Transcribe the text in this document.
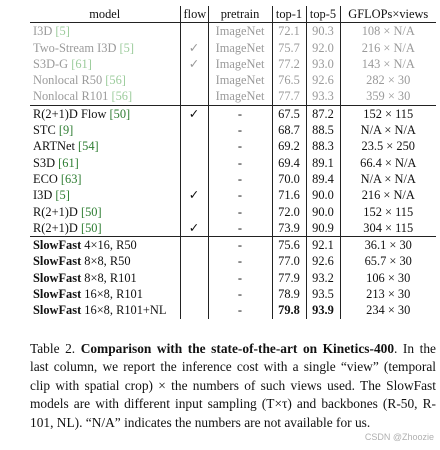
model	flow	pretrain	top-1	top-5	GFLOPs×views
I3D [5]		ImageNet	72.1	90.3	108 × N/A
Two-Stream I3D [5]	✓	ImageNet	75.7	92.0	216 × N/A
S3D-G [61]	✓	ImageNet	77.2	93.0	143 × N/A
Nonlocal R50 [56]		ImageNet	76.5	92.6	282 × 30
Nonlocal R101 [56]		ImageNet	77.7	93.3	359 × 30
R(2+1)D Flow [50]	✓	-	67.5	87.2	152 × 115
STC [9]		-	68.7	88.5	N/A × N/A
ARTNet [54]		-	69.2	88.3	23.5 × 250
S3D [61]		-	69.4	89.1	66.4 × N/A
ECO [63]		-	70.0	89.4	N/A × N/A
I3D [5]	✓	-	71.6	90.0	216 × N/A
R(2+1)D [50]		-	72.0	90.0	152 × 115
R(2+1)D [50]	✓	-	73.9	90.9	304 × 115
SlowFast 4×16, R50		-	75.6	92.1	36.1 × 30
SlowFast 8×8, R50		-	77.0	92.6	65.7 × 30
SlowFast 8×8, R101		-	77.9	93.2	106 × 30
SlowFast 16×8, R101		-	78.9	93.5	213 × 30
SlowFast 16×8, R101+NL		-	79.8	93.9	234 × 30
Table 2. Comparison with the state-of-the-art on Kinetics-400. In the last column, we report the inference cost with a single “view” (temporal clip with spatial crop) × the numbers of such views used. The SlowFast models are with different input sampling (T×τ) and backbones (R-50, R-101, NL). “N/A” indicates the numbers are not available for us.
CSDN @Zhoozie
